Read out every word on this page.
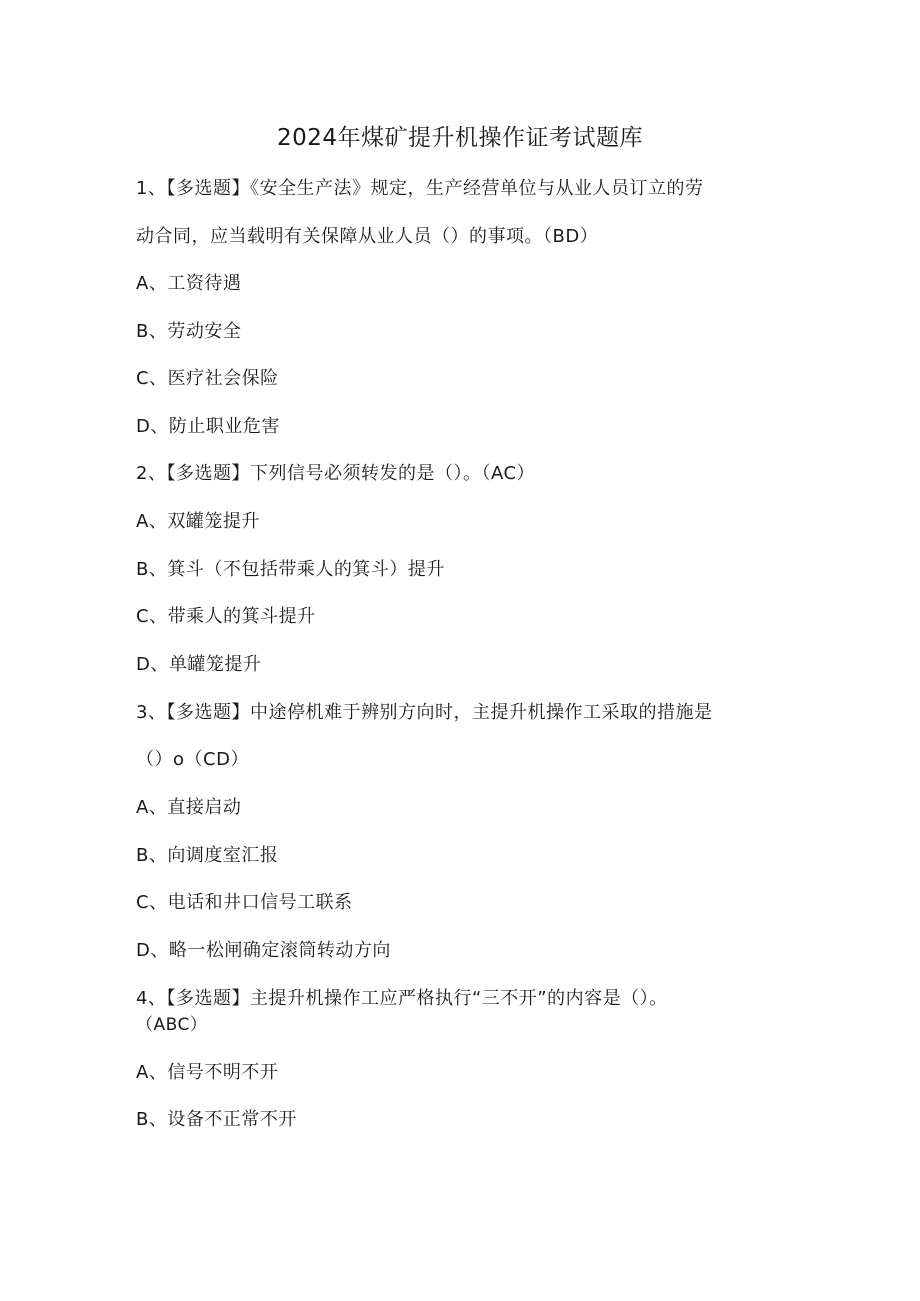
2024年煤矿提升机操作证考试题库
1、【多选题】《安全生产法》规定，生产经营单位与从业人员订立的劳
动合同，应当载明有关保障从业人员（）的事项。（BD）
A、工资待遇
B、劳动安全
C、医疗社会保险
D、防止职业危害
2、【多选题】下列信号必须转发的是（）。（AC）
A、双罐笼提升
B、箕斗（不包括带乘人的箕斗）提升
C、带乘人的箕斗提升
D、单罐笼提升
3、【多选题】中途停机难于辨别方向时，主提升机操作工采取的措施是
（）o（CD）
A、直接启动
B、向调度室汇报
C、电话和井口信号工联系
D、略一松闸确定滚筒转动方向
4、【多选题】主提升机操作工应严格执行“三不开”的内容是（）。
（ABC）
A、信号不明不开
B、设备不正常不开
